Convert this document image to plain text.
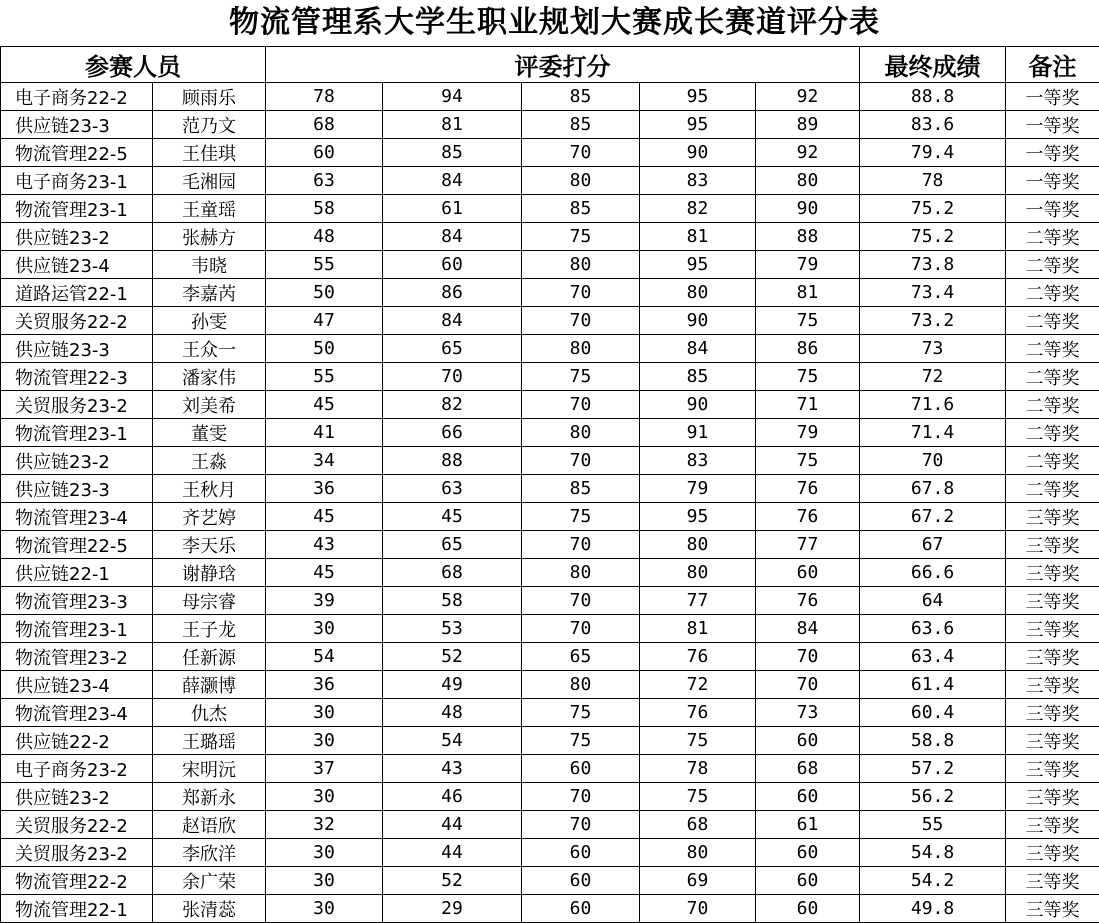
物流管理系大学生职业规划大赛成长赛道评分表
参赛人员		评委打分					最终成绩	备注
电子商务22-2	顾雨乐	78	94	85	95	92	88.8	一等奖
供应链23-3	范乃文	68	81	85	95	89	83.6	一等奖
物流管理22-5	王佳琪	60	85	70	90	92	79.4	一等奖
电子商务23-1	毛湘园	63	84	80	83	80	78	一等奖
物流管理23-1	王童瑶	58	61	85	82	90	75.2	一等奖
供应链23-2	张赫方	48	84	75	81	88	75.2	二等奖
供应链23-4	韦晓	55	60	80	95	79	73.8	二等奖
道路运管22-1	李嘉芮	50	86	70	80	81	73.4	二等奖
关贸服务22-2	孙雯	47	84	70	90	75	73.2	二等奖
供应链23-3	王众一	50	65	80	84	86	73	二等奖
物流管理22-3	潘家伟	55	70	75	85	75	72	二等奖
关贸服务23-2	刘美希	45	82	70	90	71	71.6	二等奖
物流管理23-1	董雯	41	66	80	91	79	71.4	二等奖
供应链23-2	王淼	34	88	70	83	75	70	二等奖
供应链23-3	王秋月	36	63	85	79	76	67.8	二等奖
物流管理23-4	齐艺婷	45	45	75	95	76	67.2	三等奖
物流管理22-5	李天乐	43	65	70	80	77	67	三等奖
供应链22-1	谢静琀	45	68	80	80	60	66.6	三等奖
物流管理23-3	母宗睿	39	58	70	77	76	64	三等奖
物流管理23-1	王子龙	30	53	70	81	84	63.6	三等奖
物流管理23-2	任新源	54	52	65	76	70	63.4	三等奖
供应链23-4	薛灏博	36	49	80	72	70	61.4	三等奖
物流管理23-4	仇杰	30	48	75	76	73	60.4	三等奖
供应链22-2	王璐瑶	30	54	75	75	60	58.8	三等奖
电子商务23-2	宋明沅	37	43	60	78	68	57.2	三等奖
供应链23-2	郑新永	30	46	70	75	60	56.2	三等奖
关贸服务22-2	赵语欣	32	44	70	68	61	55	三等奖
关贸服务23-2	李欣洋	30	44	60	80	60	54.8	三等奖
物流管理22-2	余广荣	30	52	60	69	60	54.2	三等奖
物流管理22-1	张清蕊	30	29	60	70	60	49.8	三等奖
